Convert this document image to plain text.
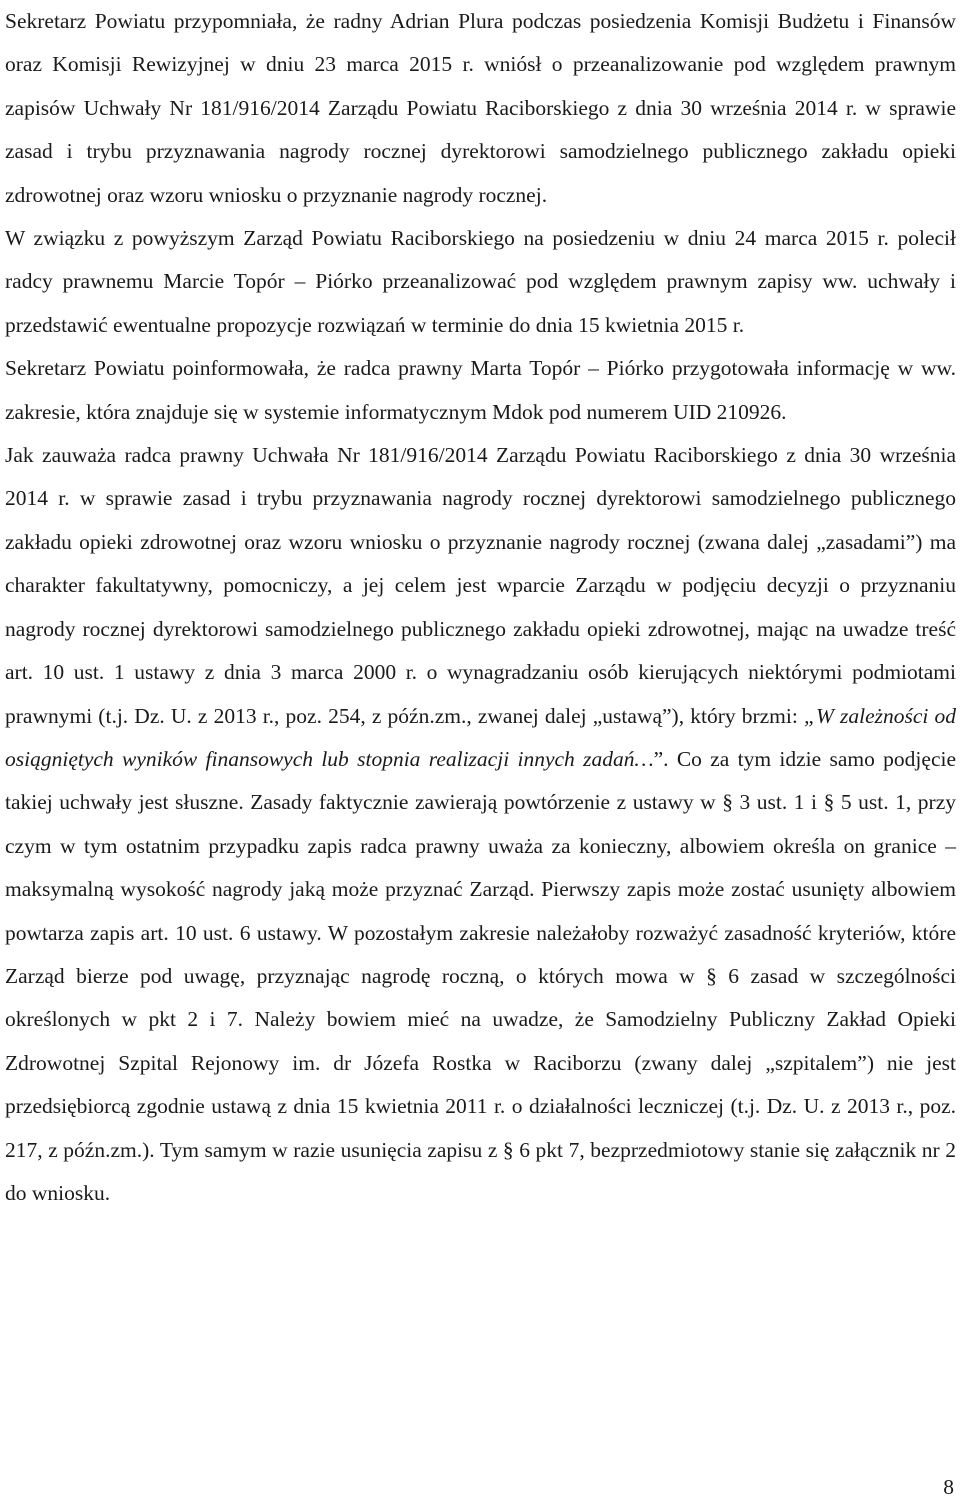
Sekretarz Powiatu przypomniała, że radny Adrian Plura podczas posiedzenia Komisji Budżetu i Finansów oraz Komisji Rewizyjnej w dniu 23 marca 2015 r. wniósł o przeanalizowanie pod względem prawnym zapisów Uchwały Nr 181/916/2014 Zarządu Powiatu Raciborskiego z dnia 30 września 2014 r. w sprawie zasad i trybu przyznawania nagrody rocznej dyrektorowi samodzielnego publicznego zakładu opieki zdrowotnej oraz wzoru wniosku o przyznanie nagrody rocznej.

W związku z powyższym Zarząd Powiatu Raciborskiego na posiedzeniu w dniu 24 marca 2015 r. polecił radcy prawnemu Marcie Topór – Piórko przeanalizować pod względem prawnym zapisy ww. uchwały i przedstawić ewentualne propozycje rozwiązań w terminie do dnia 15 kwietnia 2015 r.

Sekretarz Powiatu poinformowała, że radca prawny Marta Topór – Piórko przygotowała informację w ww. zakresie, która znajduje się w systemie informatycznym Mdok pod numerem UID 210926.

Jak zauważa radca prawny Uchwała Nr 181/916/2014 Zarządu Powiatu Raciborskiego z dnia 30 września 2014 r. w sprawie zasad i trybu przyznawania nagrody rocznej dyrektorowi samodzielnego publicznego zakładu opieki zdrowotnej oraz wzoru wniosku o przyznanie nagrody rocznej (zwana dalej „zasadami”) ma charakter fakultatywny, pomocniczy, a jej celem jest wparcie Zarządu w podjęciu decyzji o przyznaniu nagrody rocznej dyrektorowi samodzielnego publicznego zakładu opieki zdrowotnej, mając na uwadze treść art. 10 ust. 1 ustawy z dnia 3 marca 2000 r. o wynagradzaniu osób kierujących niektórymi podmiotami prawnymi (t.j. Dz. U. z 2013 r., poz. 254, z późn.zm., zwanej dalej „ustawą”), który brzmi: „W zależności od osiągniętych wyników finansowych lub stopnia realizacji innych zadań…”. Co za tym idzie samo podjęcie takiej uchwały jest słuszne. Zasady faktycznie zawierają powtórzenie z ustawy w § 3 ust. 1 i § 5 ust. 1, przy czym w tym ostatnim przypadku zapis radca prawny uważa za konieczny, albowiem określa on granice – maksymalną wysokość nagrody jaką może przyznać Zarząd. Pierwszy zapis może zostać usunięty albowiem powtarza zapis art. 10 ust. 6 ustawy. W pozostałym zakresie należałoby rozważyć zasadność kryteriów, które Zarząd bierze pod uwagę, przyznając nagrodę roczną, o których mowa w § 6 zasad w szczególności określonych w pkt 2 i 7. Należy bowiem mieć na uwadze, że Samodzielny Publiczny Zakład Opieki Zdrowotnej Szpital Rejonowy im. dr Józefa Rostka w Raciborzu (zwany dalej „szpitalem”) nie jest przedsiębiorcą zgodnie ustawą z dnia 15 kwietnia 2011 r. o działalności leczniczej (t.j. Dz. U. z 2013 r., poz. 217, z późn.zm.). Tym samym w razie usunięcia zapisu z § 6 pkt 7, bezprzedmiotowy stanie się załącznik nr 2 do wniosku.

8
